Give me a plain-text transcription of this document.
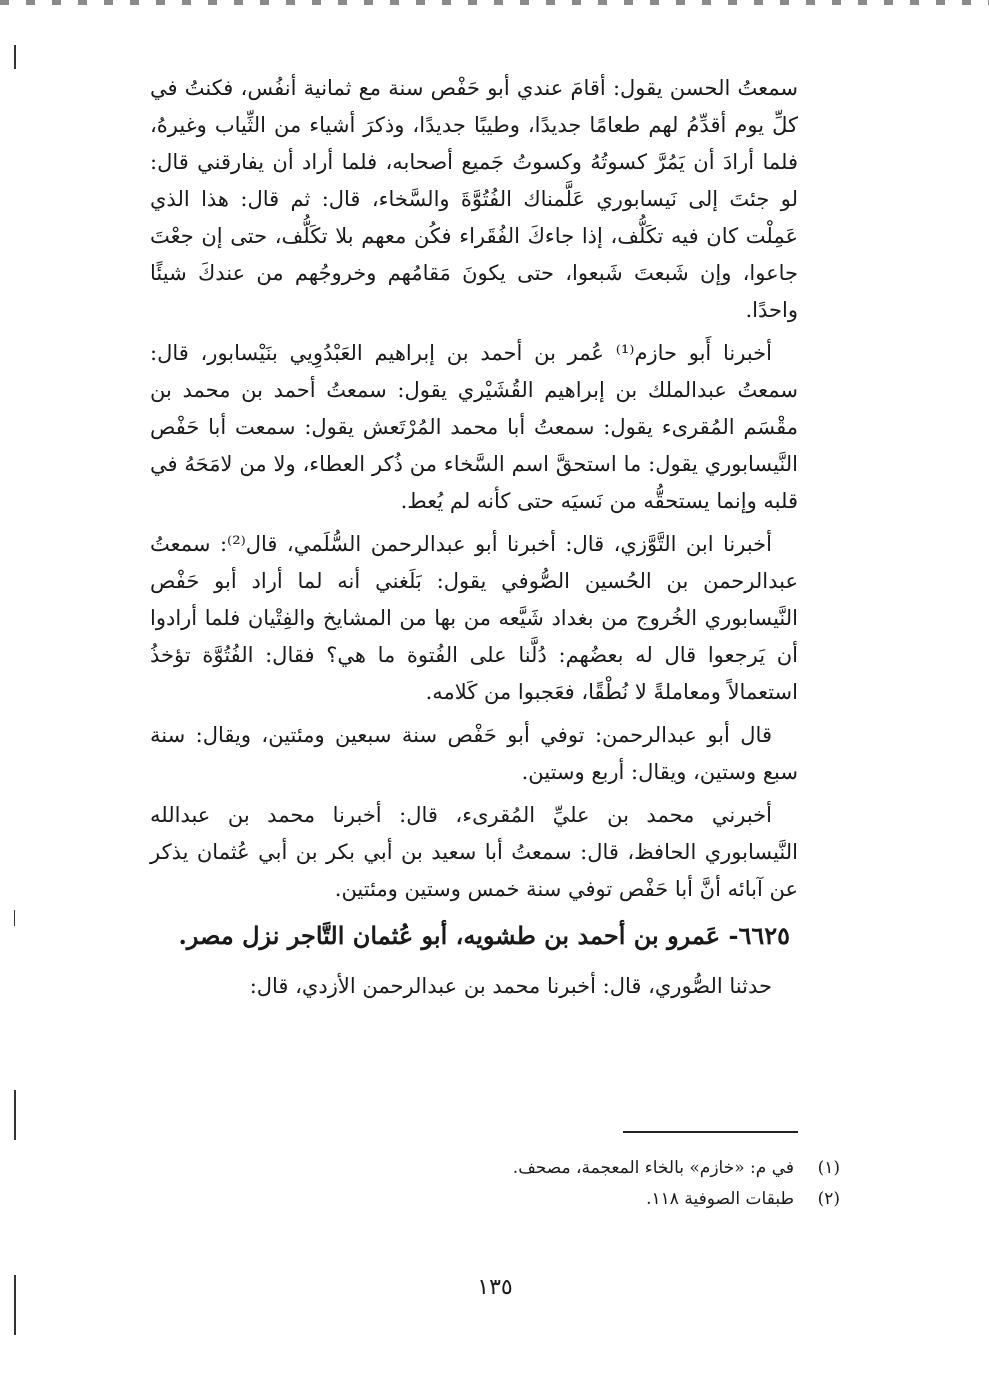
سمعتُ الحسن يقول: أقامَ عندي أبو حَفْص سنة مع ثمانية أنفُس، فكنتُ في كلِّ يوم أقدِّمُ لهم طعامًا جديدًا، وطيبًا جديدًا، وذكرَ أشياء من الثِّياب وغيرهُ، فلما أرادَ أن يَمُرَّ كسوتُهُ وكسوتُ جَميع أصحابه، فلما أراد أن يفارقني قال: لو جئتَ إلى نَيسابوري عَلَّمناك الفُتُوَّةَ والسَّخاء، قال: ثم قال: هذا الذي عَمِلْت كان فيه تكَلُّف، إذا جاءكَ الفُقَراء فكُن معهم بلا تكَلُّف، حتى إن جعْتَ جاعوا، وإن شَبعتَ شَبعوا، حتى يكونَ مَقامُهم وخروجُهم من عندكَ شيئًا واحدًا.

أخبرنا أَبو حازم⁽¹⁾ عُمر بن أحمد بن إبراهيم العَبْدُوِيي بنَيْسابور، قال: سمعتُ عبدالملك بن إبراهيم القُشَيْري يقول: سمعتُ أحمد بن محمد بن مقْسَم المُقرىء يقول: سمعتُ أبا محمد المُرْتَعش يقول: سمعت أبا حَفْص النَّيسابوري يقول: ما استحقَّ اسم السَّخاء من ذُكر العطاء، ولا من لامَحَهُ في قلبه وإنما يستحقُّه من نَسيَه حتى كأنه لم يُعط.

أخبرنا ابن التَّوَّزي، قال: أخبرنا أبو عبدالرحمن السُّلَمي، قال⁽²⁾: سمعتُ عبدالرحمن بن الحُسين الصُّوفي يقول: بَلَغني أنه لما أراد أبو حَفْص النَّيسابوري الخُروج من بغداد شَيَّعه من بها من المشايخ والفِتْيان فلما أرادوا أن يَرجعوا قال له بعضُهم: دُلَّنا على الفُتوة ما هي؟ فقال: الفُتُوَّة تؤخذُ استعمالاً ومعاملةً لا نُطْقًا، فعَجبوا من كَلامه.

قال أبو عبدالرحمن: توفي أبو حَفْص سنة سبعين ومئتين، ويقال: سنة سبع وستين، ويقال: أربع وستين.

أخبرني محمد بن عليِّ المُقرىء، قال: أخبرنا محمد بن عبدالله النَّيسابوري الحافظ، قال: سمعتُ أبا سعيد بن أبي بكر بن أبي عُثمان يذكر عن آبائه أنَّ أبا حَفْص توفي سنة خمس وستين ومئتين.

٦٦٢٥- عَمرو بن أحمد بن طشويه، أبو عُثمان التَّاجر نزل مصر.

حدثنا الصُّوري، قال: أخبرنا محمد بن عبدالرحمن الأزدي، قال:

(١)في م: «خازم» بالخاء المعجمة، مصحف.
(٢)طبقات الصوفية ١١٨.
١٣٥
